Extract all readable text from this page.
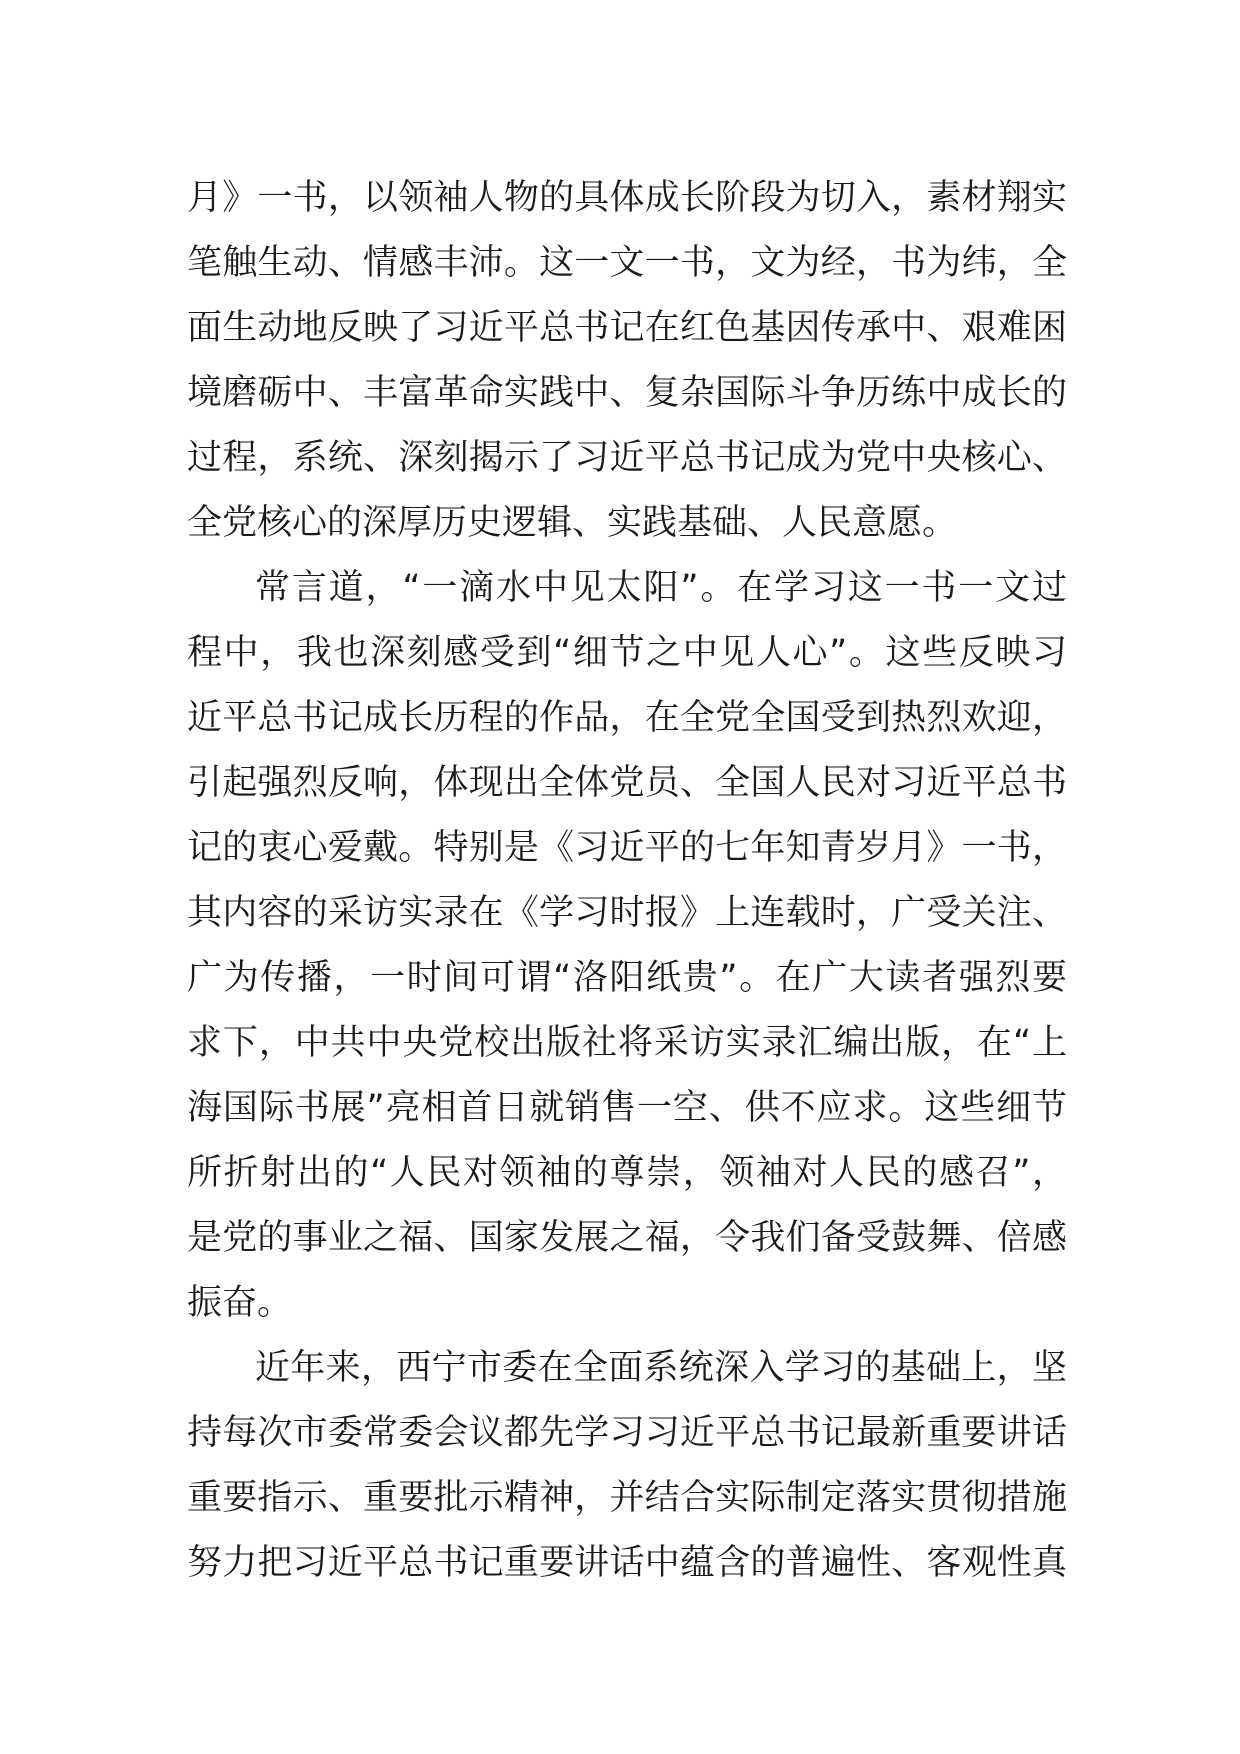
月》一书，以领袖人物的具体成长阶段为切入，素材翔实
笔触生动、情感丰沛。这一文一书，文为经，书为纬，全
面生动地反映了习近平总书记在红色基因传承中、艰难困
境磨砺中、丰富革命实践中、复杂国际斗争历练中成长的
过程，系统、深刻揭示了习近平总书记成为党中央核心、
全党核心的深厚历史逻辑、实践基础、人民意愿。
常言道，“一滴水中见太阳”。在学习这一书一文过
程中，我也深刻感受到“细节之中见人心”。这些反映习
近平总书记成长历程的作品，在全党全国受到热烈欢迎，
引起强烈反响，体现出全体党员、全国人民对习近平总书
记的衷心爱戴。特别是《习近平的七年知青岁月》一书，
其内容的采访实录在《学习时报》上连载时，广受关注、
广为传播，一时间可谓“洛阳纸贵”。在广大读者强烈要
求下，中共中央党校出版社将采访实录汇编出版，在“上
海国际书展”亮相首日就销售一空、供不应求。这些细节
所折射出的“人民对领袖的尊崇，领袖对人民的感召”，
是党的事业之福、国家发展之福，令我们备受鼓舞、倍感
振奋。
近年来，西宁市委在全面系统深入学习的基础上，坚
持每次市委常委会议都先学习习近平总书记最新重要讲话
重要指示、重要批示精神，并结合实际制定落实贯彻措施
努力把习近平总书记重要讲话中蕴含的普遍性、客观性真
